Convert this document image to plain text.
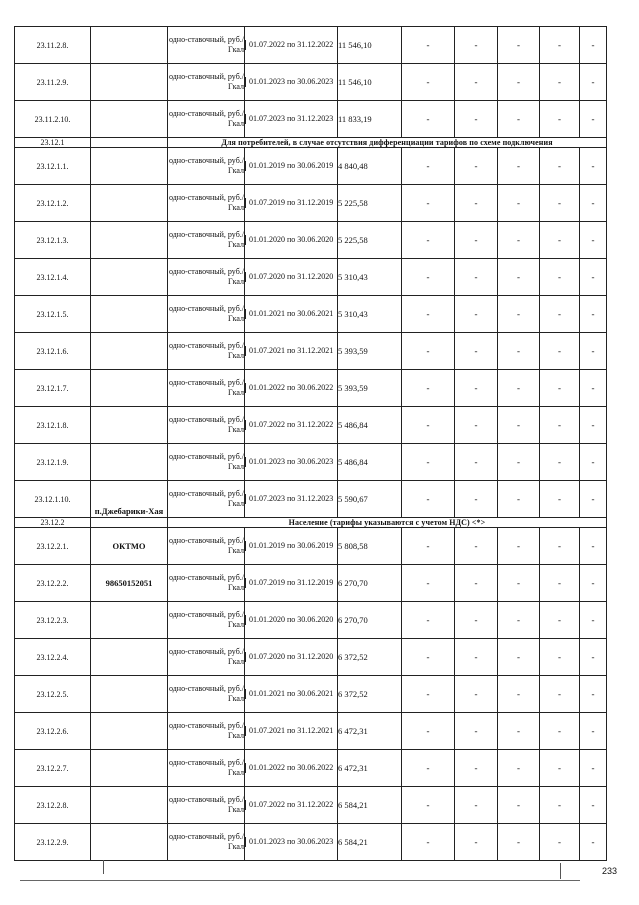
23.11.2.8.		одно-ставочный, руб./Гкал	01.07.2022 по 31.12.2022	11 546,10	-	-	-	-	-
23.11.2.9.		одно-ставочный, руб./Гкал	01.01.2023 по 30.06.2023	11 546,10	-	-	-	-	-
23.11.2.10.		одно-ставочный, руб./Гкал	01.07.2023 по 31.12.2023	11 833,19	-	-	-	-	-
23.12.1		Для потребителей, в случае отсутствия дифференциации тарифов по схеме подключения							
23.12.1.1.		одно-ставочный, руб./Гкал	01.01.2019 по 30.06.2019	4 840,48	-	-	-	-	-
23.12.1.2.		одно-ставочный, руб./Гкал	01.07.2019 по 31.12.2019	5 225,58	-	-	-	-	-
23.12.1.3.		одно-ставочный, руб./Гкал	01.01.2020 по 30.06.2020	5 225,58	-	-	-	-	-
23.12.1.4.		одно-ставочный, руб./Гкал	01.07.2020 по 31.12.2020	5 310,43	-	-	-	-	-
23.12.1.5.		одно-ставочный, руб./Гкал	01.01.2021 по 30.06.2021	5 310,43	-	-	-	-	-
23.12.1.6.		одно-ставочный, руб./Гкал	01.07.2021 по 31.12.2021	5 393,59	-	-	-	-	-
23.12.1.7.		одно-ставочный, руб./Гкал	01.01.2022 по 30.06.2022	5 393,59	-	-	-	-	-
23.12.1.8.		одно-ставочный, руб./Гкал	01.07.2022 по 31.12.2022	5 486,84	-	-	-	-	-
23.12.1.9.		одно-ставочный, руб./Гкал	01.01.2023 по 30.06.2023	5 486,84	-	-	-	-	-
23.12.1.10.	п.Джебарики-Хая	одно-ставочный, руб./Гкал	01.07.2023 по 31.12.2023	5 590,67	-	-	-	-	-
23.12.2		Население (тарифы указываются с учетом НДС) <*>							
23.12.2.1.	ОКТМО	одно-ставочный, руб./Гкал	01.01.2019 по 30.06.2019	5 808,58	-	-	-	-	-
23.12.2.2.	98650152051	одно-ставочный, руб./Гкал	01.07.2019 по 31.12.2019	6 270,70	-	-	-	-	-
23.12.2.3.		одно-ставочный, руб./Гкал	01.01.2020 по 30.06.2020	6 270,70	-	-	-	-	-
23.12.2.4.		одно-ставочный, руб./Гкал	01.07.2020 по 31.12.2020	6 372,52	-	-	-	-	-
23.12.2.5.		одно-ставочный, руб./Гкал	01.01.2021 по 30.06.2021	6 372,52	-	-	-	-	-
23.12.2.6.		одно-ставочный, руб./Гкал	01.07.2021 по 31.12.2021	6 472,31	-	-	-	-	-
23.12.2.7.		одно-ставочный, руб./Гкал	01.01.2022 по 30.06.2022	6 472,31	-	-	-	-	-
23.12.2.8.		одно-ставочный, руб./Гкал	01.07.2022 по 31.12.2022	6 584,21	-	-	-	-	-
23.12.2.9.		одно-ставочный, руб./Гкал	01.01.2023 по 30.06.2023	6 584,21	-	-	-	-	-
233
